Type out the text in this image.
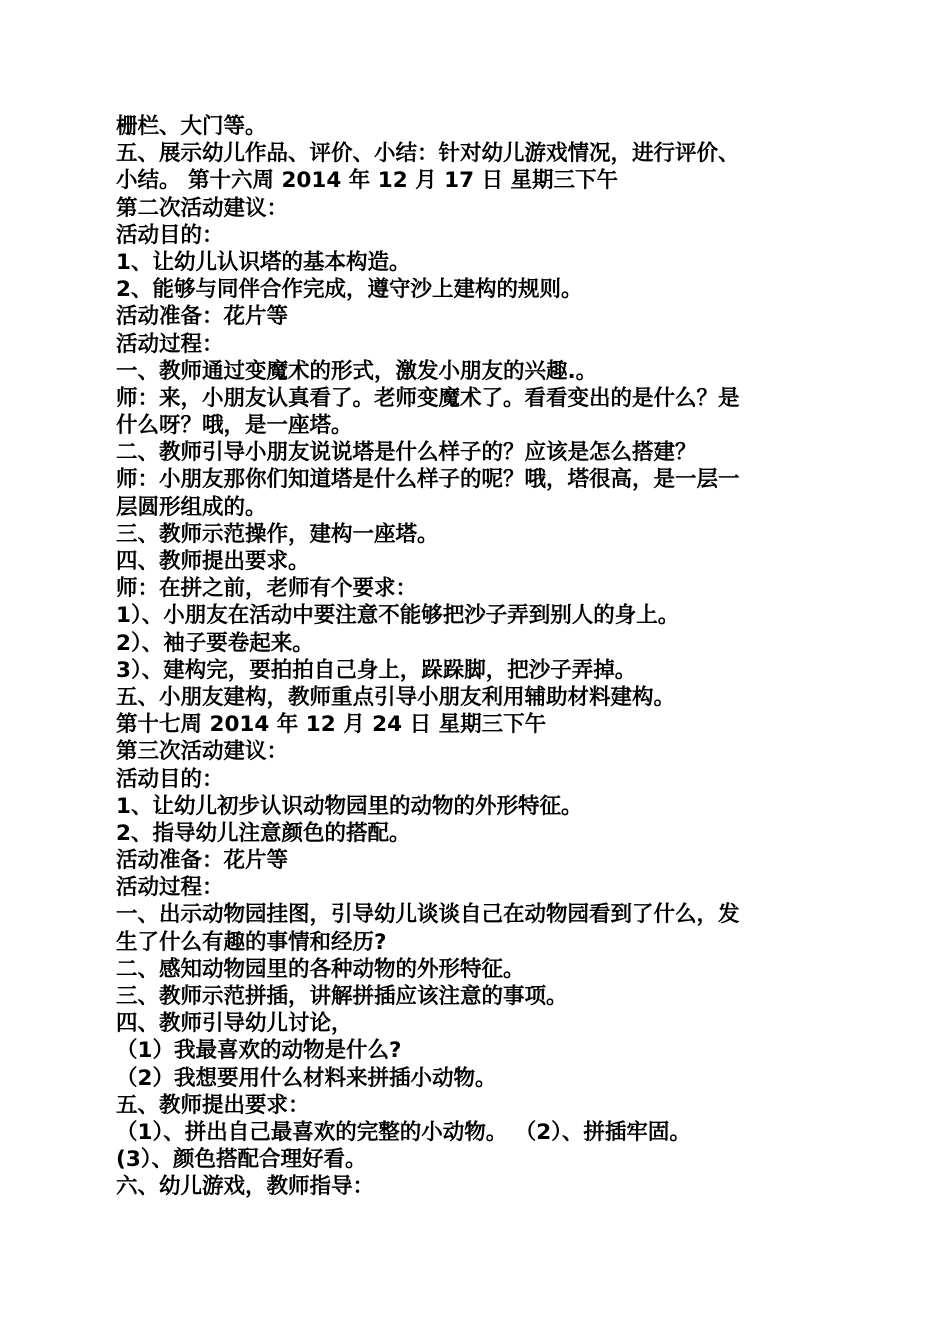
栅栏、大门等。
五、展示幼儿作品、评价、小结：针对幼儿游戏情况，进行评价、
小结。 第十六周 2014 年 12 月 17 日 星期三下午
第二次活动建议：
活动目的：
1、让幼儿认识塔的基本构造。
2、能够与同伴合作完成，遵守沙上建构的规则。
活动准备：花片等
活动过程：
一、教师通过变魔术的形式，激发小朋友的兴趣.。
师：来，小朋友认真看了。老师变魔术了。看看变出的是什么？是
什么呀？哦，是一座塔。
二、教师引导小朋友说说塔是什么样子的？应该是怎么搭建？
师：小朋友那你们知道塔是什么样子的呢？哦，塔很高，是一层一
层圆形组成的。
三、教师示范操作，建构一座塔。
四、教师提出要求。
师：在拼之前，老师有个要求：
1）、小朋友在活动中要注意不能够把沙子弄到别人的身上。
2）、袖子要卷起来。
3）、建构完，要拍拍自己身上，跺跺脚，把沙子弄掉。
五、小朋友建构，教师重点引导小朋友利用辅助材料建构。
第十七周 2014 年 12 月 24 日 星期三下午
第三次活动建议：
活动目的：
1、让幼儿初步认识动物园里的动物的外形特征。
2、指导幼儿注意颜色的搭配。
活动准备：花片等
活动过程：
一、出示动物园挂图，引导幼儿谈谈自己在动物园看到了什么，发
生了什么有趣的事情和经历?
二、感知动物园里的各种动物的外形特征。
三、教师示范拼插，讲解拼插应该注意的事项。
四、教师引导幼儿讨论，
（1）我最喜欢的动物是什么?
（2）我想要用什么材料来拼插小动物。
五、教师提出要求：
（1）、拼出自己最喜欢的完整的小动物。 （2）、拼插牢固。
(3）、颜色搭配合理好看。
六、幼儿游戏，教师指导：
